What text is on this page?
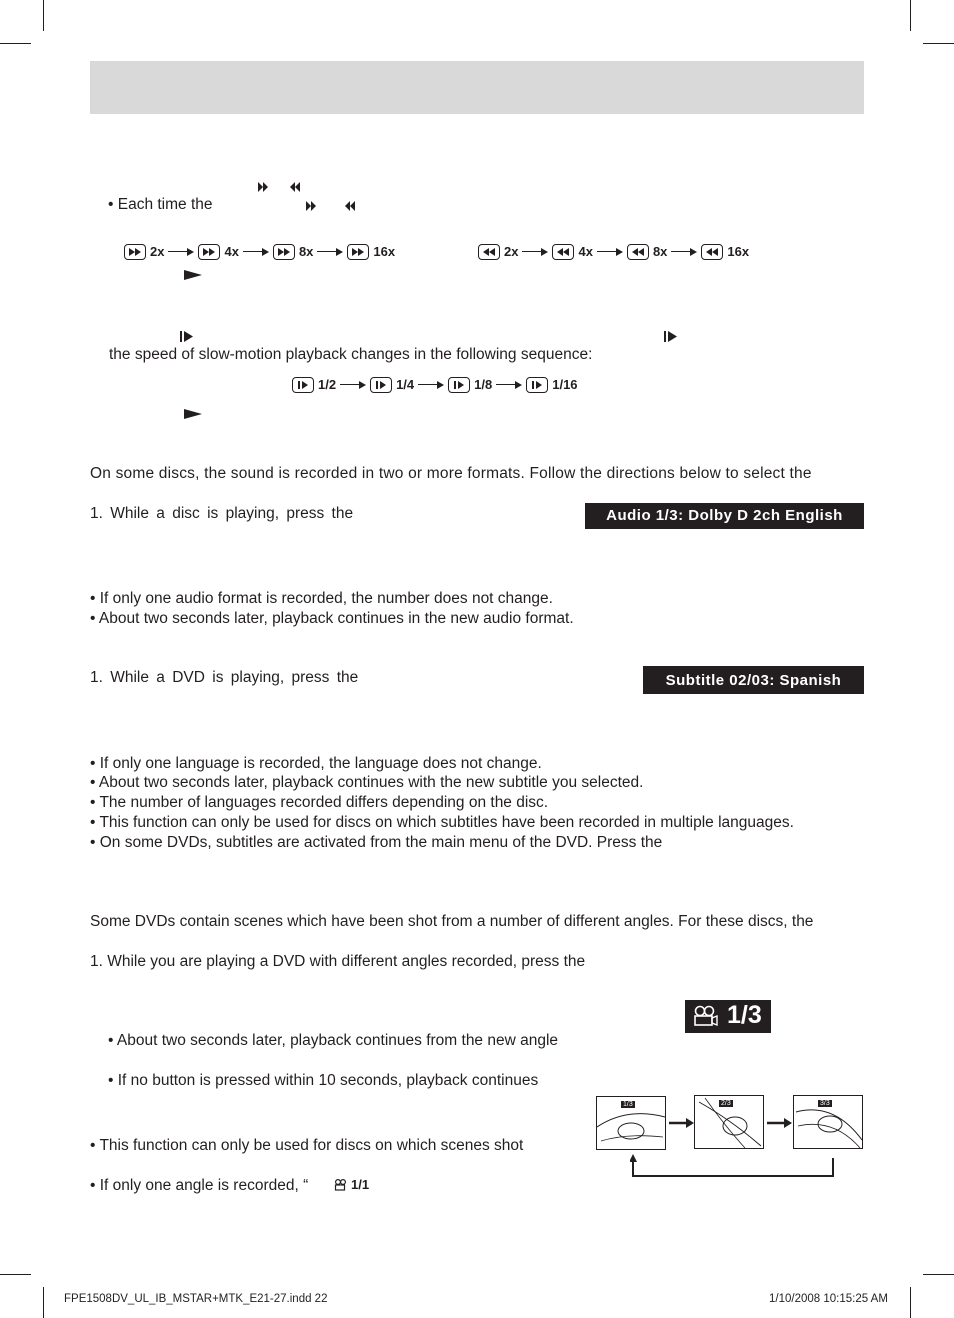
• Each time the
2x	4x	8x	16x	2x	4x	8x	16x
the speed of slow-motion playback changes in the following sequence:
1/2	1/4	1/8	1/16
On some discs, the sound is recorded in two or more formats. Follow the directions below to select the
1. While a disc is playing, press the	Audio 1/3: Dolby D 2ch English
• If only one audio format is recorded, the number does not change.
• About two seconds later, playback continues in the new audio format.
1. While a DVD is playing, press the	Subtitle 02/03: Spanish
• If only one language is recorded, the language does not change.
• About two seconds later, playback continues with the new subtitle you selected.
• The number of languages recorded differs depending on the disc.
• This function can only be used for discs on which subtitles have been recorded in multiple languages.
• On some DVDs, subtitles are activated from the main menu of the DVD. Press the
Some DVDs contain scenes which have been shot from a number of different angles. For these discs, the
1. While you are playing a DVD with different angles recorded, press the
1/3
• About two seconds later, playback continues from the new angle
• If no button is pressed within 10 seconds, playback continues
• This function can only be used for discs on which scenes shot
• If only one angle is recorded, “	1/1
1/3	2/3	3/3
FPE1508DV_UL_IB_MSTAR+MTK_E21-27.indd 22	1/10/2008 10:15:25 AM
